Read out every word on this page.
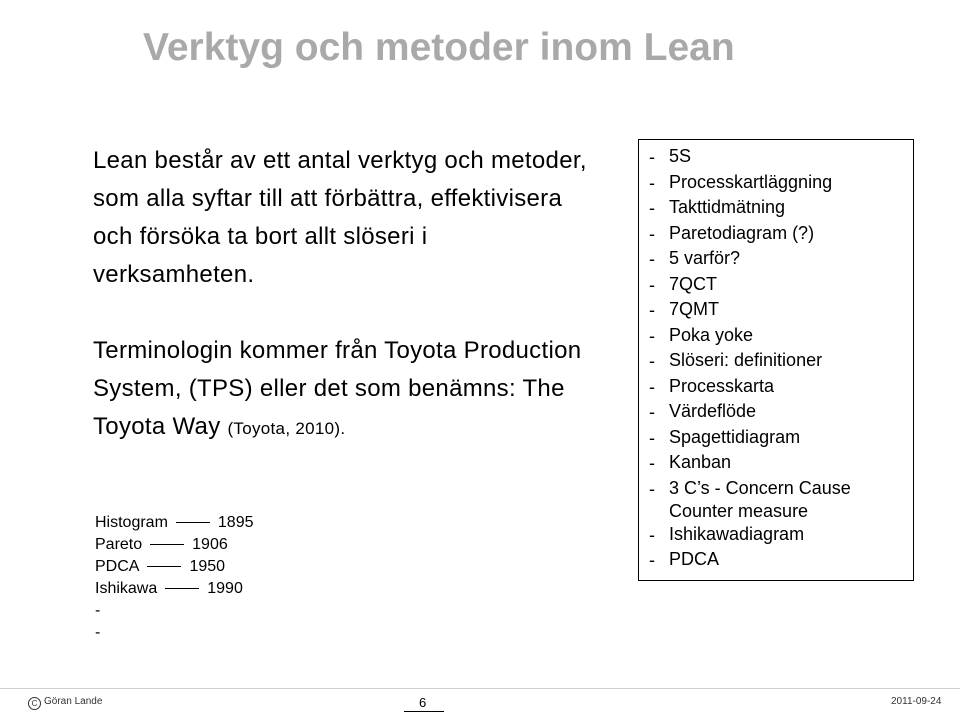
Verktyg och metoder inom Lean

Lean består av ett antal verktyg och metoder, som alla syftar till att förbättra, effektivisera och försöka ta bort allt slöseri i verksamheten.

Terminologin kommer från Toyota Production System, (TPS) eller det som benämns: The Toyota Way (Toyota, 2010).

Histogram	1895
Pareto	1906
PDCA	1950
Ishikawa	1990
-
-
- 5S
- Processkartläggning
- Takttidmätning
- Paretodiagram (?)
- 5 varför?
- 7QCT
- 7QMT
- Poka yoke
- Slöseri: definitioner
- Processkarta
- Värdeflöde
- Spagettidiagram
- Kanban
- 3 C’s - Concern Cause Counter measure
- Ishikawadiagram
- PDCA
C Göran Lande	6	2011-09-24
